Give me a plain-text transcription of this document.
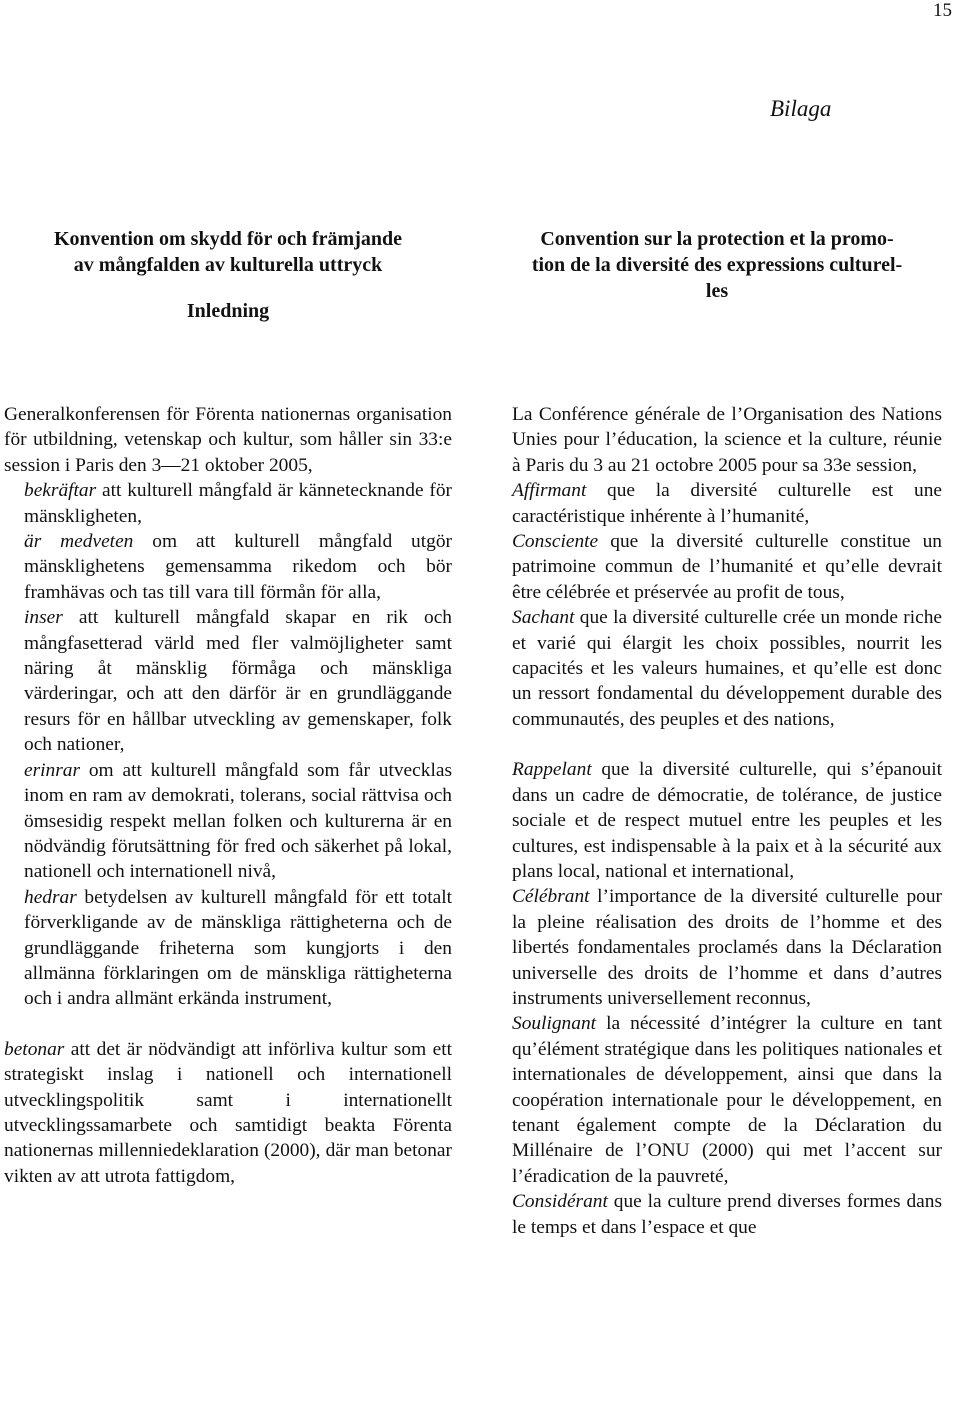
15
Bilaga
Konvention om skydd för och främjande
av mångfalden av kulturella uttryck
Convention sur la protection et la promo-
tion de la diversité des expressions culturel-
les
Inledning

Generalkonferensen för Förenta nationernas organisation för utbildning, vetenskap och kultur, som håller sin 33:e session i Paris den 3—21 oktober 2005,

bekräftar att kulturell mångfald är kännetecknande för mänskligheten,

är medveten om att kulturell mångfald utgör mänsklighetens gemensamma rikedom och bör framhävas och tas till vara till förmån för alla,

inser att kulturell mångfald skapar en rik och mångfasetterad värld med fler valmöjligheter samt näring åt mänsklig förmåga och mänskliga värderingar, och att den därför är en grundläggande resurs för en hållbar utveckling av gemenskaper, folk och nationer,

erinrar om att kulturell mångfald som får utvecklas inom en ram av demokrati, tolerans, social rättvisa och ömsesidig respekt mellan folken och kulturerna är en nödvändig förutsättning för fred och säkerhet på lokal, nationell och internationell nivå,

hedrar betydelsen av kulturell mångfald för ett totalt förverkligande av de mänskliga rättigheterna och de grundläggande friheterna som kungjorts i den allmänna förklaringen om de mänskliga rättigheterna och i andra allmänt erkända instrument,

betonar att det är nödvändigt att införliva kultur som ett strategiskt inslag i nationell och internationell utvecklingspolitik samt i internationellt utvecklingssamarbete och samtidigt beakta Förenta nationernas millenniedeklaration (2000), där man betonar vikten av att utrota fattigdom,

La Conférence générale de l’Organisation des Nations Unies pour l’éducation, la science et la culture, réunie à Paris du 3 au 21 octobre 2005 pour sa 33e session,

Affirmant que la diversité culturelle est une caractéristique inhérente à l’humanité,

Consciente que la diversité culturelle constitue un patrimoine commun de l’humanité et qu’elle devrait être célébrée et préservée au profit de tous,

Sachant que la diversité culturelle crée un monde riche et varié qui élargit les choix possibles, nourrit les capacités et les valeurs humaines, et qu’elle est donc un ressort fondamental du développement durable des communautés, des peuples et des nations,

Rappelant que la diversité culturelle, qui s’épanouit dans un cadre de démocratie, de tolérance, de justice sociale et de respect mutuel entre les peuples et les cultures, est indispensable à la paix et à la sécurité aux plans local, national et international,

Célébrant l’importance de la diversité culturelle pour la pleine réalisation des droits de l’homme et des libertés fondamentales proclamés dans la Déclaration universelle des droits de l’homme et dans d’autres instruments universellement reconnus,

Soulignant la nécessité d’intégrer la culture en tant qu’élément stratégique dans les politiques nationales et internationales de développement, ainsi que dans la coopération internationale pour le développement, en tenant également compte de la Déclaration du Millénaire de l’ONU (2000) qui met l’accent sur l’éradication de la pauvreté,

Considérant que la culture prend diverses formes dans le temps et dans l’espace et que
